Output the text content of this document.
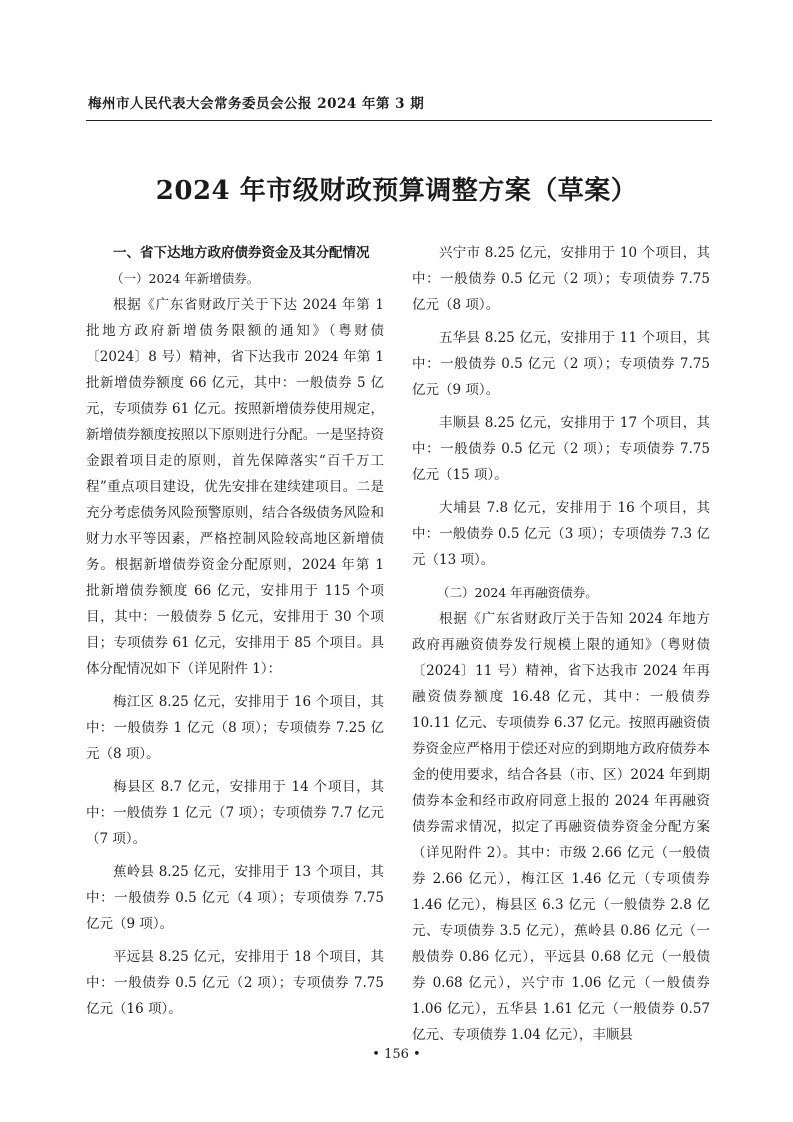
梅州市人民代表大会常务委员会公报 2024 年第 3 期
2024 年市级财政预算调整方案（草案）

一、省下达地方政府债券资金及其分配情况

（一）2024 年新增债券。

根据《广东省财政厅关于下达 2024 年第 1 批地方政府新增债务限额的通知》（粤财债〔2024〕8 号）精神，省下达我市 2024 年第 1 批新增债券额度 66 亿元，其中：一般债券 5 亿元，专项债券 61 亿元。按照新增债券使用规定，新增债券额度按照以下原则进行分配。一是坚持资金跟着项目走的原则，首先保障落实“百千万工程”重点项目建设，优先安排在建续建项目。二是充分考虑债务风险预警原则，结合各级债务风险和财力水平等因素，严格控制风险较高地区新增债务。根据新增债券资金分配原则，2024 年第 1 批新增债券额度 66 亿元，安排用于 115 个项目，其中：一般债券 5 亿元，安排用于 30 个项目；专项债券 61 亿元，安排用于 85 个项目。具体分配情况如下（详见附件 1）：

梅江区 8.25 亿元，安排用于 16 个项目，其中：一般债券 1 亿元（8 项）；专项债券 7.25 亿元（8 项）。

梅县区 8.7 亿元，安排用于 14 个项目，其中：一般债券 1 亿元（7 项）；专项债券 7.7 亿元（7 项）。

蕉岭县 8.25 亿元，安排用于 13 个项目，其中：一般债券 0.5 亿元（4 项）；专项债券 7.75 亿元（9 项）。

平远县 8.25 亿元，安排用于 18 个项目，其中：一般债券 0.5 亿元（2 项）；专项债券 7.75 亿元（16 项）。

兴宁市 8.25 亿元，安排用于 10 个项目，其中：一般债券 0.5 亿元（2 项）；专项债券 7.75 亿元（8 项）。

五华县 8.25 亿元，安排用于 11 个项目，其中：一般债券 0.5 亿元（2 项）；专项债券 7.75 亿元（9 项）。

丰顺县 8.25 亿元，安排用于 17 个项目，其中：一般债券 0.5 亿元（2 项）；专项债券 7.75 亿元（15 项）。

大埔县 7.8 亿元，安排用于 16 个项目，其中：一般债券 0.5 亿元（3 项）；专项债券 7.3 亿元（13 项）。

（二）2024 年再融资债券。

根据《广东省财政厅关于告知 2024 年地方政府再融资债券发行规模上限的通知》（粤财债〔2024〕11 号）精神，省下达我市 2024 年再融资债券额度 16.48 亿元，其中：一般债券 10.11 亿元、专项债券 6.37 亿元。按照再融资债券资金应严格用于偿还对应的到期地方政府债券本金的使用要求，结合各县（市、区）2024 年到期债券本金和经市政府同意上报的 2024 年再融资债券需求情况，拟定了再融资债券资金分配方案（详见附件 2）。其中：市级 2.66 亿元（一般债券 2.66 亿元），梅江区 1.46 亿元（专项债券 1.46 亿元），梅县区 6.3 亿元（一般债券 2.8 亿元、专项债券 3.5 亿元），蕉岭县 0.86 亿元（一般债券 0.86 亿元），平远县 0.68 亿元（一般债券 0.68 亿元），兴宁市 1.06 亿元（一般债券 1.06 亿元），五华县 1.61 亿元（一般债券 0.57 亿元、专项债券 1.04 亿元），丰顺县

• 156 •
